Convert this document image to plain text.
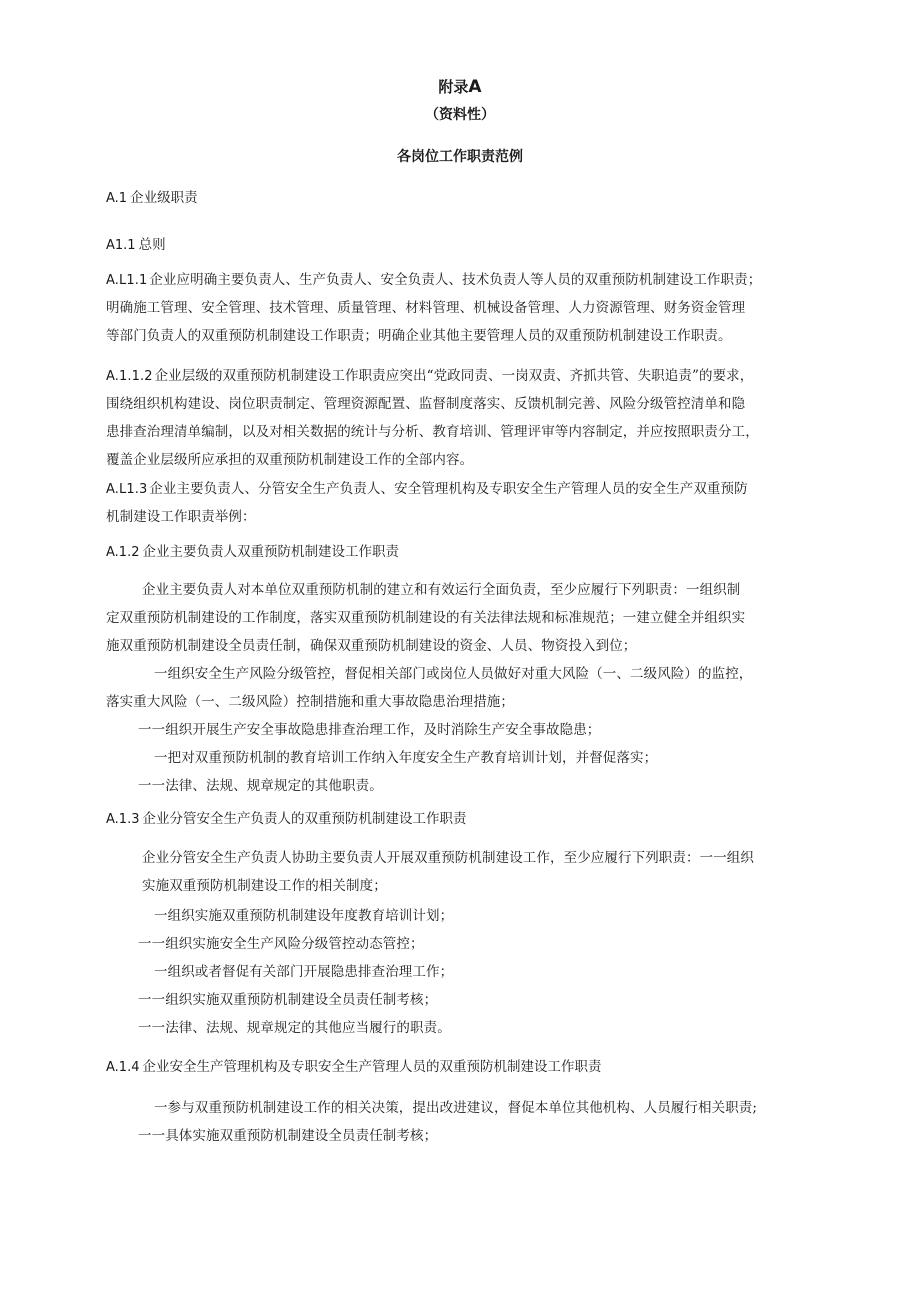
附录A
（资料性）
各岗位工作职责范例
A.1 企业级职责
A1.1 总则
A.L1.1 企业应明确主要负责人、生产负责人、安全负责人、技术负责人等人员的双重预防机制建设工作职责；
明确施工管理、安全管理、技术管理、质量管理、材料管理、机械设备管理、人力资源管理、财务资金管理
等部门负责人的双重预防机制建设工作职责；明确企业其他主要管理人员的双重预防机制建设工作职责。
A.1.1.2 企业层级的双重预防机制建设工作职责应突出“党政同责、一岗双责、齐抓共管、失职追责”的要求，
围绕组织机构建设、岗位职责制定、管理资源配置、监督制度落实、反馈机制完善、风险分级管控清单和隐
患排查治理清单编制，以及对相关数据的统计与分析、教育培训、管理评审等内容制定，并应按照职责分工，
覆盖企业层级所应承担的双重预防机制建设工作的全部内容。
A.L1.3 企业主要负责人、分管安全生产负责人、安全管理机构及专职安全生产管理人员的安全生产双重预防
机制建设工作职责举例：
A.1.2 企业主要负责人双重预防机制建设工作职责
企业主要负责人对本单位双重预防机制的建立和有效运行全面负责，至少应履行下列职责：一组织制
定双重预防机制建设的工作制度，落实双重预防机制建设的有关法律法规和标准规范；一建立健全并组织实
施双重预防机制建设全员责任制，确保双重预防机制建设的资金、人员、物资投入到位；
一组织安全生产风险分级管控，督促相关部门或岗位人员做好对重大风险（一、二级风险）的监控，
落实重大风险（一、二级风险）控制措施和重大事故隐患治理措施；
一一组织开展生产安全事故隐患排查治理工作，及时消除生产安全事故隐患；
一把对双重预防机制的教育培训工作纳入年度安全生产教育培训计划，并督促落实；
一一法律、法规、规章规定的其他职责。
A.1.3 企业分管安全生产负责人的双重预防机制建设工作职责
企业分管安全生产负责人协助主要负责人开展双重预防机制建设工作，至少应履行下列职责：一一组织
实施双重预防机制建设工作的相关制度；
一组织实施双重预防机制建设年度教育培训计划；
一一组织实施安全生产风险分级管控动态管控；
一组织或者督促有关部门开展隐患排查治理工作；
一一组织实施双重预防机制建设全员责任制考核；
一一法律、法规、规章规定的其他应当履行的职责。
A.1.4 企业安全生产管理机构及专职安全生产管理人员的双重预防机制建设工作职责
一参与双重预防机制建设工作的相关决策，提出改进建议，督促本单位其他机构、人员履行相关职责;
一一具体实施双重预防机制建设全员责任制考核；
